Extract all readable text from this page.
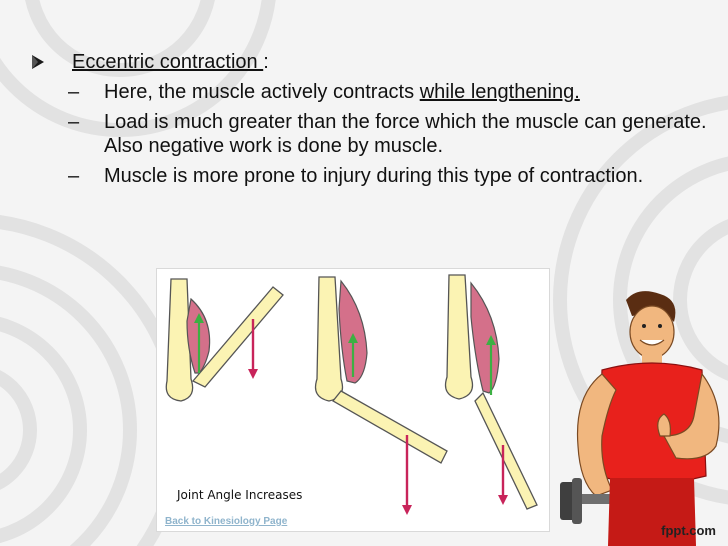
Eccentric contraction :
– Here, the muscle actively contracts while lengthening.
– Load is much greater than the force which the muscle can generate. Also negative work is done by muscle.
– Muscle is more prone to injury during this type of contraction.
Joint Angle Increases
Back to Kinesiology Page
fppt.com
